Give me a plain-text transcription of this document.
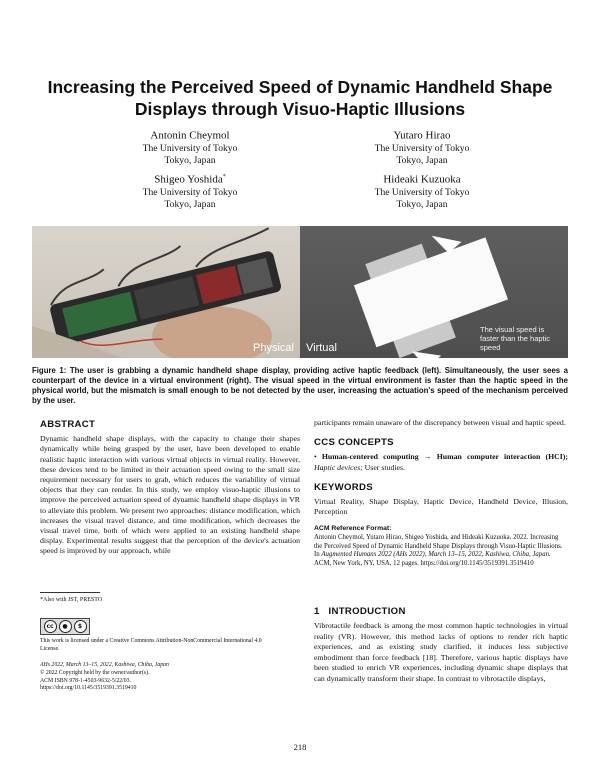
Increasing the Perceived Speed of Dynamic Handheld Shape
Displays through Visuo-Haptic Illusions
Antonin Cheymol
The University of Tokyo
Tokyo, Japan
Yutaro Hirao
The University of Tokyo
Tokyo, Japan
Shigeo Yoshida*
The University of Tokyo
Tokyo, Japan
Hideaki Kuzuoka
The University of Tokyo
Tokyo, Japan
Physical Virtual
The visual speed is faster than the haptic speed
Figure 1: The user is grabbing a dynamic handheld shape display, providing active haptic feedback (left). Simultaneously, the user sees a counterpart of the device in a virtual environment (right). The visual speed in the virtual environment is faster than the haptic speed in the physical world, but the mismatch is small enough to be not detected by the user, increasing the actuation's speed of the mechanism perceived by the user.
ABSTRACT

Dynamic handheld shape displays, with the capacity to change their shapes dynamically while being grasped by the user, have been developed to enable realistic haptic interaction with various virtual objects in virtual reality. However, these devices tend to be limited in their actuation speed owing to the small size requirement necessary for users to grab, which reduces the variability of virtual objects that they can render. In this study, we employ visuo-haptic illusions to improve the perceived actuation speed of dynamic handheld shape displays in VR to alleviate this problem. We present two approaches: distance modification, which increases the visual travel distance, and time modification, which decreases the visual travel time, both of which were applied to an existing handheld shape display. Experimental results suggest that the perception of the device's actuation speed is improved by our approach, while

*Also with JST, PRESTO
cc	●	$
This work is licensed under a Creative Commons Attribution-NonCommercial International 4.0 License.
AHs 2022, March 13–15, 2022, Kashiwa, Chiba, Japan
© 2022 Copyright held by the owner/author(s).
ACM ISBN 978-1-4503-9632-5/22/03.
https://doi.org/10.1145/3519391.3519410

participants remain unaware of the discrepancy between visual and haptic speed.

CCS CONCEPTS

• Human-centered computing → Human computer interaction (HCI); Haptic devices; User studies.

KEYWORDS

Virtual Reality, Shape Display, Haptic Device, Handheld Device, Illusion, Perception

ACM Reference Format:
Antonin Cheymol, Yutaro Hirao, Shigeo Yoshida, and Hideaki Kuzuoka. 2022. Increasing the Perceived Speed of Dynamic Handheld Shape Displays through Visuo-Haptic Illusions. In Augmented Humans 2022 (AHs 2022), March 13–15, 2022, Kashiwa, Chiba, Japan. ACM, New York, NY, USA, 12 pages. https://doi.org/10.1145/3519391.3519410
1   INTRODUCTION

Vibrotactile feedback is among the most common haptic technologies in virtual reality (VR). However, this method lacks of options to render rich haptic experiences, and as existing study clarified, it induces less subjective embodiment than force feedback [18]. Therefore, various haptic displays have been studied to enrich VR experiences, including dynamic shape displays that can dynamically transform their shape. In contrast to vibrotactile displays,

218
